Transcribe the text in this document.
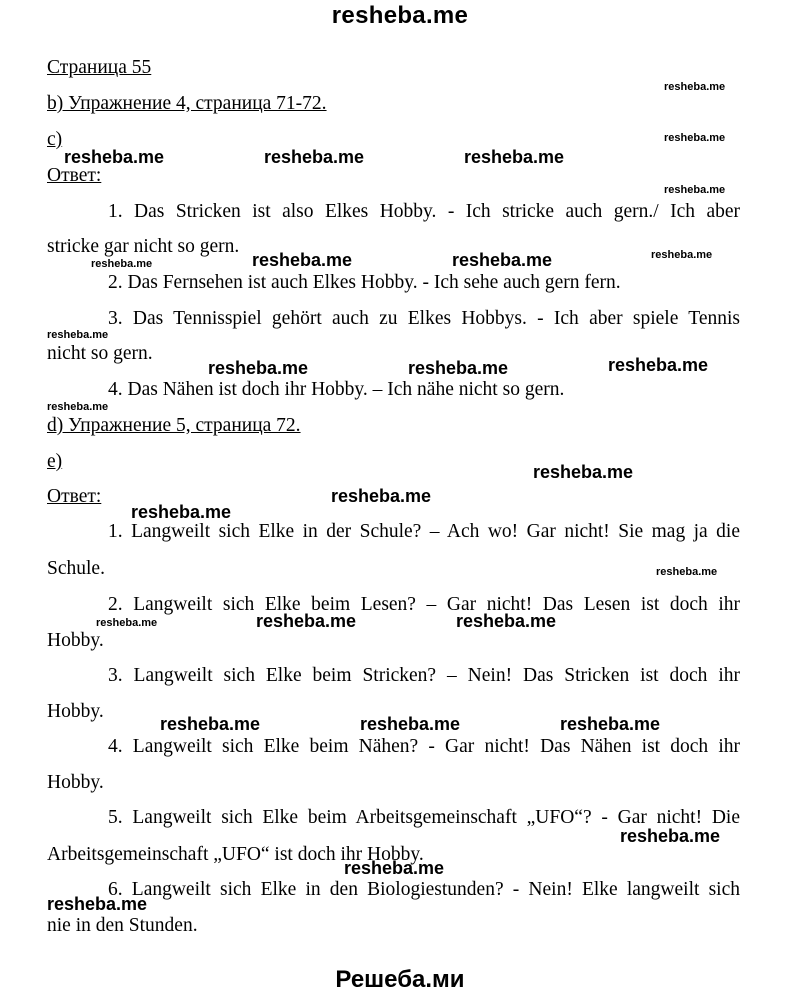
resheba.me
Страница 55
b) Упражнение 4, страница 71-72.
c)
Ответ:
1. Das Stricken ist also Elkes Hobby. - Ich stricke auch gern./ Ich aber
stricke gar nicht so gern.
2. Das Fernsehen ist auch Elkes Hobby. - Ich sehe auch gern fern.
3. Das Tennisspiel gehört auch zu Elkes Hobbys. - Ich aber spiele Tennis
nicht so gern.
4. Das Nähen ist doch ihr Hobby. – Ich nähe nicht so gern.
d) Упражнение 5, страница 72.
e)
Ответ:
1. Langweilt sich Elke in der Schule? – Ach wo! Gar nicht! Sie mag ja die
Schule.
2. Langweilt sich Elke beim Lesen? – Gar nicht! Das Lesen ist doch ihr
Hobby.
3. Langweilt sich Elke beim Stricken? – Nein! Das Stricken ist doch ihr
Hobby.
4. Langweilt sich Elke beim Nähen? - Gar nicht! Das Nähen ist doch ihr
Hobby.
5. Langweilt sich Elke beim Arbeitsgemeinschaft „UFO“? - Gar nicht! Die
Arbeitsgemeinschaft „UFO“ ist doch ihr Hobby.
6. Langweilt sich Elke in den Biologiestunden? - Nein! Elke langweilt sich
nie in den Stunden.
resheba.me	resheba.me	resheba.me
resheba.me	resheba.me
resheba.me	resheba.me	resheba.me
resheba.me
resheba.me
resheba.me
resheba.me	resheba.me
resheba.me	resheba.me	resheba.me
resheba.me
resheba.me
resheba.me
resheba.me
resheba.me
resheba.me
resheba.me
resheba.me
resheba.me
resheba.me
resheba.me
resheba.me
Решеба.ми
